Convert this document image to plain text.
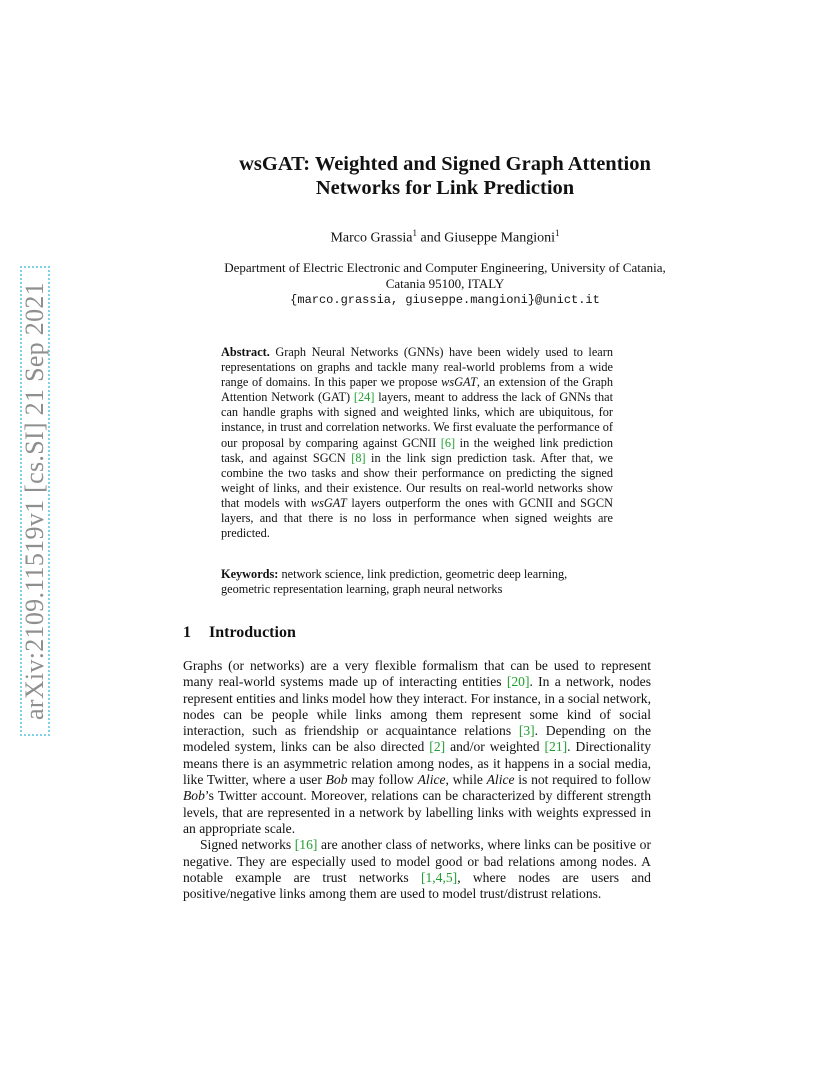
arXiv:2109.11519v1 [cs.SI] 21 Sep 2021
wsGAT: Weighted and Signed Graph Attention
Networks for Link Prediction
Marco Grassia$^1$ and Giuseppe Mangioni$^1$
Department of Electric Electronic and Computer Engineering, University of Catania,
Catania 95100, ITALY
{marco.grassia, giuseppe.mangioni}@unict.it
Abstract. Graph Neural Networks (GNNs) have been widely used to learn representations on graphs and tackle many real-world problems from a wide range of domains. In this paper we propose wsGAT, an extension of the Graph Attention Network (GAT) [24] layers, meant to address the lack of GNNs that can handle graphs with signed and weighted links, which are ubiquitous, for instance, in trust and correlation networks. We first evaluate the performance of our proposal by comparing against GCNII [6] in the weighed link prediction task, and against SGCN [8] in the link sign prediction task. After that, we combine the two tasks and show their performance on predicting the signed weight of links, and their existence. Our results on real-world networks show that models with wsGAT layers outperform the ones with GCNII and SGCN layers, and that there is no loss in performance when signed weights are predicted.
Keywords: network science, link prediction, geometric deep learning, geometric representation learning, graph neural networks
1 Introduction

Graphs (or networks) are a very flexible formalism that can be used to represent many real-world systems made up of interacting entities [20]. In a network, nodes represent entities and links model how they interact. For instance, in a social network, nodes can be people while links among them represent some kind of social interaction, such as friendship or acquaintance relations [3]. Depending on the modeled system, links can be also directed [2] and/or weighted [21]. Directionality means there is an asymmetric relation among nodes, as it happens in a social media, like Twitter, where a user Bob may follow Alice, while Alice is not required to follow Bob’s Twitter account. Moreover, relations can be characterized by different strength levels, that are represented in a network by labelling links with weights expressed in an appropriate scale.

Signed networks [16] are another class of networks, where links can be positive or negative. They are especially used to model good or bad relations among nodes. A notable example are trust networks [1,4,5], where nodes are users and positive/negative links among them are used to model trust/distrust relations.
